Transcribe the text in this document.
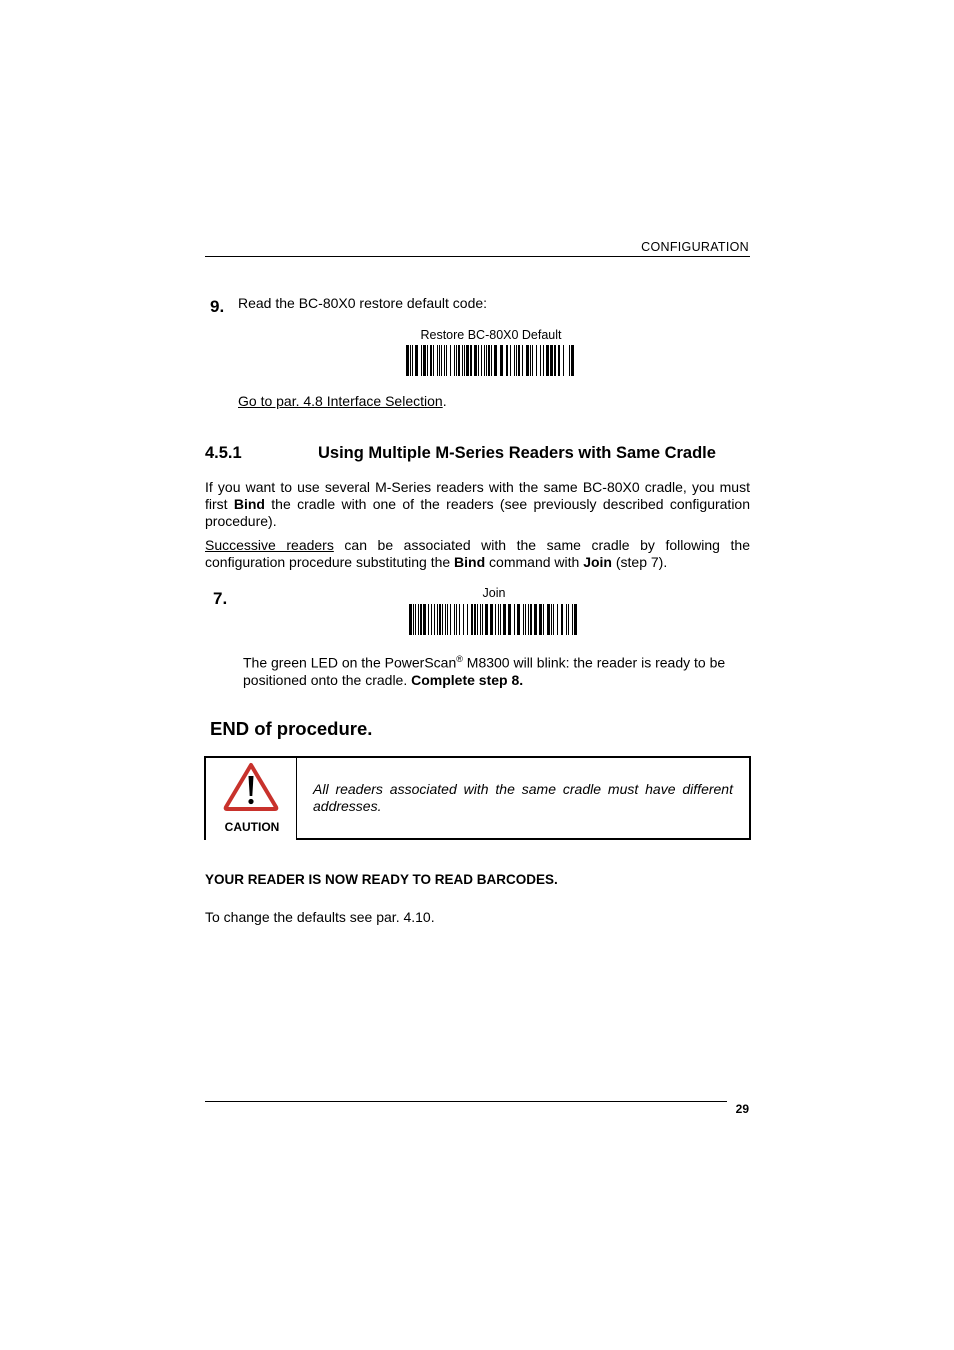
CONFIGURATION
9. Read the BC-80X0 restore default code:
Restore BC-80X0 Default
Go to par. 4.8 Interface Selection.
4.5.1	Using Multiple M-Series Readers with Same Cradle
If you want to use several M-Series readers with the same BC-80X0 cradle, you must first Bind the cradle with one of the readers (see previously described configuration procedure).
Successive readers can be associated with the same cradle by following the configuration procedure substituting the Bind command with Join (step 7).
7.	Join
The green LED on the PowerScan® M8300 will blink: the reader is ready to be positioned onto the cradle. Complete step 8.
END of procedure.
CAUTION
All readers associated with the same cradle must have different addresses.
YOUR READER IS NOW READY TO READ BARCODES.
To change the defaults see par. 4.10.
29
